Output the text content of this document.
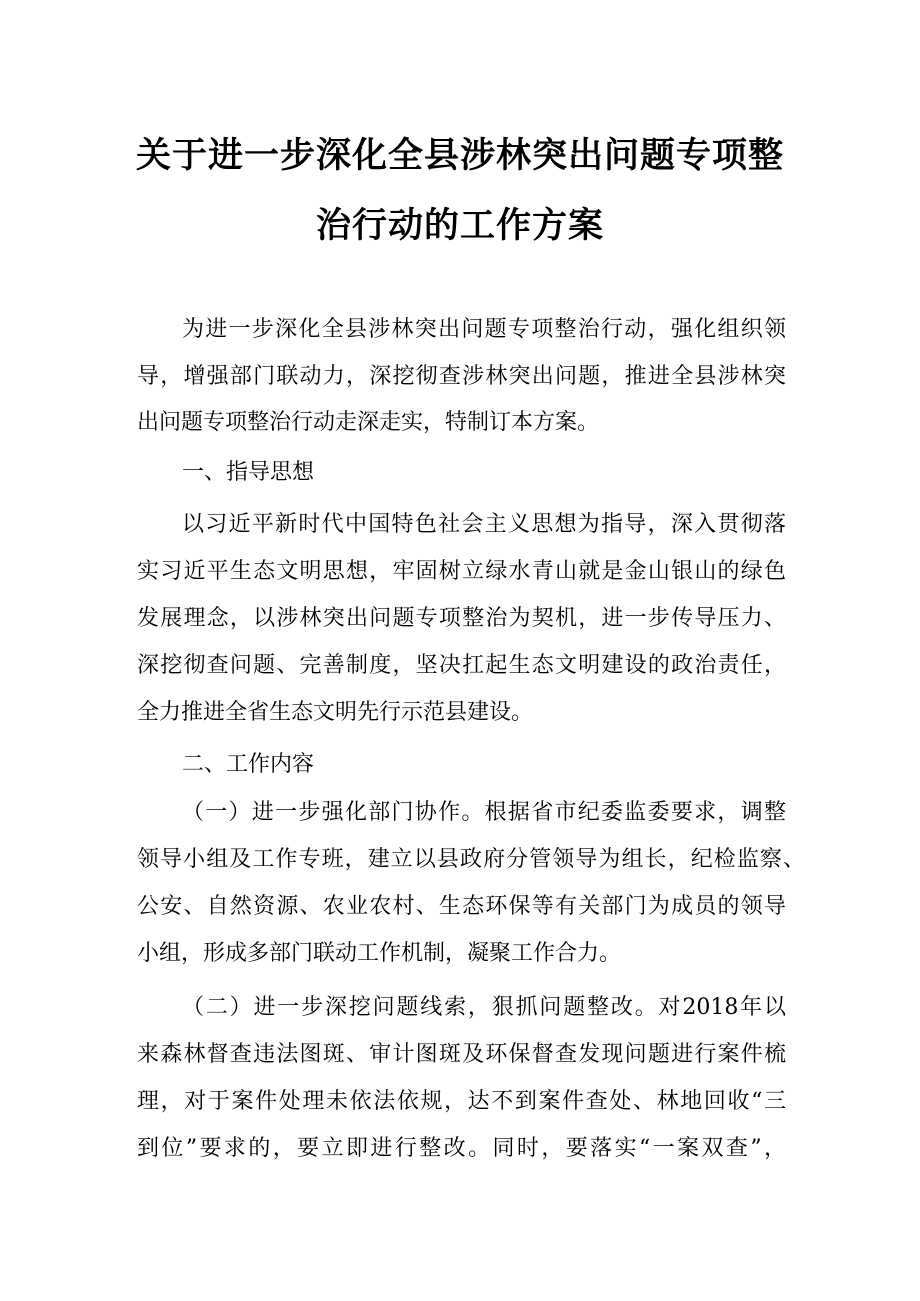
关于进一步深化全县涉林突出问题专项整
治行动的工作方案
为进一步深化全县涉林突出问题专项整治行动，强化组织领
导，增强部门联动力，深挖彻查涉林突出问题，推进全县涉林突
出问题专项整治行动走深走实，特制订本方案。
一、指导思想
以习近平新时代中国特色社会主义思想为指导，深入贯彻落
实习近平生态文明思想，牢固树立绿水青山就是金山银山的绿色
发展理念，以涉林突出问题专项整治为契机，进一步传导压力、
深挖彻查问题、完善制度，坚决扛起生态文明建设的政治责任，
全力推进全省生态文明先行示范县建设。
二、工作内容
（一）进一步强化部门协作。根据省市纪委监委要求，调整
领导小组及工作专班，建立以县政府分管领导为组长，纪检监察、
公安、自然资源、农业农村、生态环保等有关部门为成员的领导
小组，形成多部门联动工作机制，凝聚工作合力。
（二）进一步深挖问题线索，狠抓问题整改。对2018年以
来森林督查违法图斑、审计图斑及环保督查发现问题进行案件梳
理，对于案件处理未依法依规，达不到案件查处、林地回收“三
到位”要求的，要立即进行整改。同时，要落实“一案双查”，
